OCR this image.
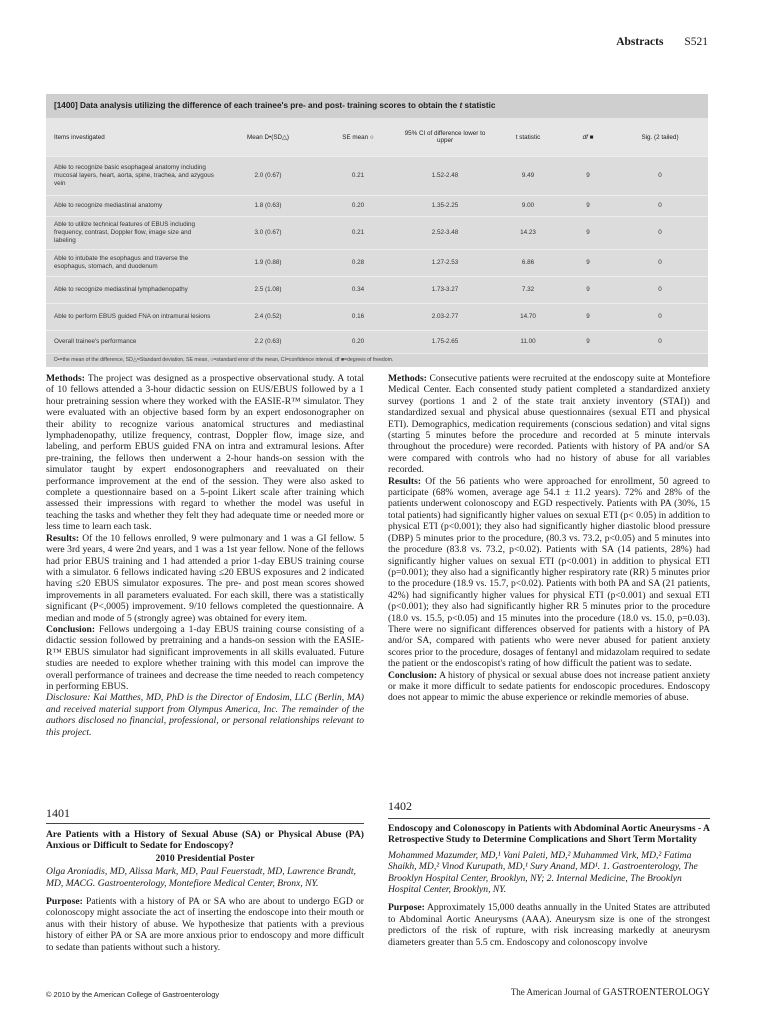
Abstracts S521
[1400] Data analysis utilizing the difference of each trainee's pre- and post- training scores to obtain the t statistic
Items investigated	Mean D•(SD△)	SE mean ○	95% CI of difference lower to upper	t statistic	df ■	Sig. (2 tailed)
Able to recognize basic esophageal anatomy including mucosal layers, heart, aorta, spine, trachea, and azygous vein	2.0 (0.67)	0.21	1.52-2.48	9.49	9	0
Able to recognize mediastinal anatomy	1.8 (0.63)	0.20	1.35-2.25	9.00	9	0
Able to utilize technical features of EBUS including frequency, contrast, Doppler flow, image size and labeling	3.0 (0.67)	0.21	2.52-3.48	14.23	9	0
Able to intubate the esophagus and traverse the esophagus, stomach, and duodenum	1.9 (0.88)	0.28	1.27-2.53	6.86	9	0
Able to recognize mediastinal lymphadenopathy	2.5 (1.08)	0.34	1.73-3.27	7.32	9	0
Able to perform EBUS guided FNA on intramural lesions	2.4 (0.52)	0.16	2.03-2.77	14.70	9	0
Overall trainee's performance	2.2 (0.63)	0.20	1.75-2.65	11.00	9	0
D•=the mean of the difference, SD△=Standard deviation, SE mean, ○=standard error of the mean, CI=confidence interval, df ■=degrees of freedom.

Methods: The project was designed as a prospective observational study. A total of 10 fellows attended a 3-hour didactic session on EUS/EBUS followed by a 1 hour pretraining session where they worked with the EASIE-R™ simulator. They were evaluated with an objective based form by an expert endosonographer on their ability to recognize various anatomical structures and mediastinal lymphadenopathy, utilize frequency, contrast, Doppler flow, image size, and labeling, and perform EBUS guided FNA on intra and extramural lesions. After pre-training, the fellows then underwent a 2-hour hands-on session with the simulator taught by expert endosonographers and reevaluated on their performance improvement at the end of the session. They were also asked to complete a questionnaire based on a 5-point Likert scale after training which assessed their impressions with regard to whether the model was useful in teaching the tasks and whether they felt they had adequate time or needed more or less time to learn each task.

Results: Of the 10 fellows enrolled, 9 were pulmonary and 1 was a GI fellow. 5 were 3rd years, 4 were 2nd years, and 1 was a 1st year fellow. None of the fellows had prior EBUS training and 1 had attended a prior 1-day EBUS training course with a simulator. 6 fellows indicated having ≤20 EBUS exposures and 2 indicated having ≤20 EBUS simulator exposures. The pre- and post mean scores showed improvements in all parameters evaluated. For each skill, there was a statistically significant (P<,0005) improvement. 9/10 fellows completed the questionnaire. A median and mode of 5 (strongly agree) was obtained for every item.

Conclusion: Fellows undergoing a 1-day EBUS training course consisting of a didactic session followed by pretraining and a hands-on session with the EASIE-R™ EBUS simulator had significant improvements in all skills evaluated. Future studies are needed to explore whether training with this model can improve the overall performance of trainees and decrease the time needed to reach competency in performing EBUS.

Disclosure: Kai Matthes, MD, PhD is the Director of Endosim, LLC (Berlin, MA) and received material support from Olympus America, Inc. The remainder of the authors disclosed no financial, professional, or personal relationships relevant to this project.

Methods: Consecutive patients were recruited at the endoscopy suite at Montefiore Medical Center. Each consented study patient completed a standardized anxiety survey (portions 1 and 2 of the state trait anxiety inventory (STAI)) and standardized sexual and physical abuse questionnaires (sexual ETI and physical ETI). Demographics, medication requirements (conscious sedation) and vital signs (starting 5 minutes before the procedure and recorded at 5 minute intervals throughout the procedure) were recorded. Patients with history of PA and/or SA were compared with controls who had no history of abuse for all variables recorded.

Results: Of the 56 patients who were approached for enrollment, 50 agreed to participate (68% women, average age 54.1 ± 11.2 years). 72% and 28% of the patients underwent colonoscopy and EGD respectively. Patients with PA (30%, 15 total patients) had significantly higher values on sexual ETI (p< 0.05) in addition to physical ETI (p<0.001); they also had significantly higher diastolic blood pressure (DBP) 5 minutes prior to the procedure, (80.3 vs. 73.2, p<0.05) and 5 minutes into the procedure (83.8 vs. 73.2, p<0.02). Patients with SA (14 patients, 28%) had significantly higher values on sexual ETI (p<0.001) in addition to physical ETI (p=0.001); they also had a significantly higher respiratory rate (RR) 5 minutes prior to the procedure (18.9 vs. 15.7, p<0.02). Patients with both PA and SA (21 patients, 42%) had significantly higher values for physical ETI (p<0.001) and sexual ETI (p<0.001); they also had significantly higher RR 5 minutes prior to the procedure (18.0 vs. 15.5, p<0.05) and 15 minutes into the procedure (18.0 vs. 15.0, p=0.03). There were no significant differences observed for patients with a history of PA and/or SA, compared with patients who were never abused for patient anxiety scores prior to the procedure, dosages of fentanyl and midazolam required to sedate the patient or the endoscopist's rating of how difficult the patient was to sedate.

Conclusion: A history of physical or sexual abuse does not increase patient anxiety or make it more difficult to sedate patients for endoscopic procedures. Endoscopy does not appear to mimic the abuse experience or rekindle memories of abuse.

1401

Are Patients with a History of Sexual Abuse (SA) or Physical Abuse (PA) Anxious or Difficult to Sedate for Endoscopy?

2010 Presidential Poster

Olga Aroniadis, MD, Alissa Mark, MD, Paul Feuerstadt, MD, Lawrence Brandt, MD, MACG. Gastroenterology, Montefiore Medical Center, Bronx, NY.

Purpose: Patients with a history of PA or SA who are about to undergo EGD or colonoscopy might associate the act of inserting the endoscope into their mouth or anus with their history of abuse. We hypothesize that patients with a previous history of either PA or SA are more anxious prior to endoscopy and more difficult to sedate than patients without such a history.

1402

Endoscopy and Colonoscopy in Patients with Abdominal Aortic Aneurysms - A Retrospective Study to Determine Complications and Short Term Mortality

Mohammed Mazumder, MD,¹ Vani Paleti, MD,² Muhammed Virk, MD,² Fatima Shaikh, MD,² Vinod Kurupath, MD,¹ Sury Anand, MD¹. 1. Gastroenterology, The Brooklyn Hospital Center, Brooklyn, NY; 2. Internal Medicine, The Brooklyn Hospital Center, Brooklyn, NY.

Purpose: Approximately 15,000 deaths annually in the United States are attributed to Abdominal Aortic Aneurysms (AAA). Aneurysm size is one of the strongest predictors of the risk of rupture, with risk increasing markedly at aneurysm diameters greater than 5.5 cm. Endoscopy and colonoscopy involve

© 2010 by the American College of Gastroenterology	The American Journal of GASTROENTEROLOGY
